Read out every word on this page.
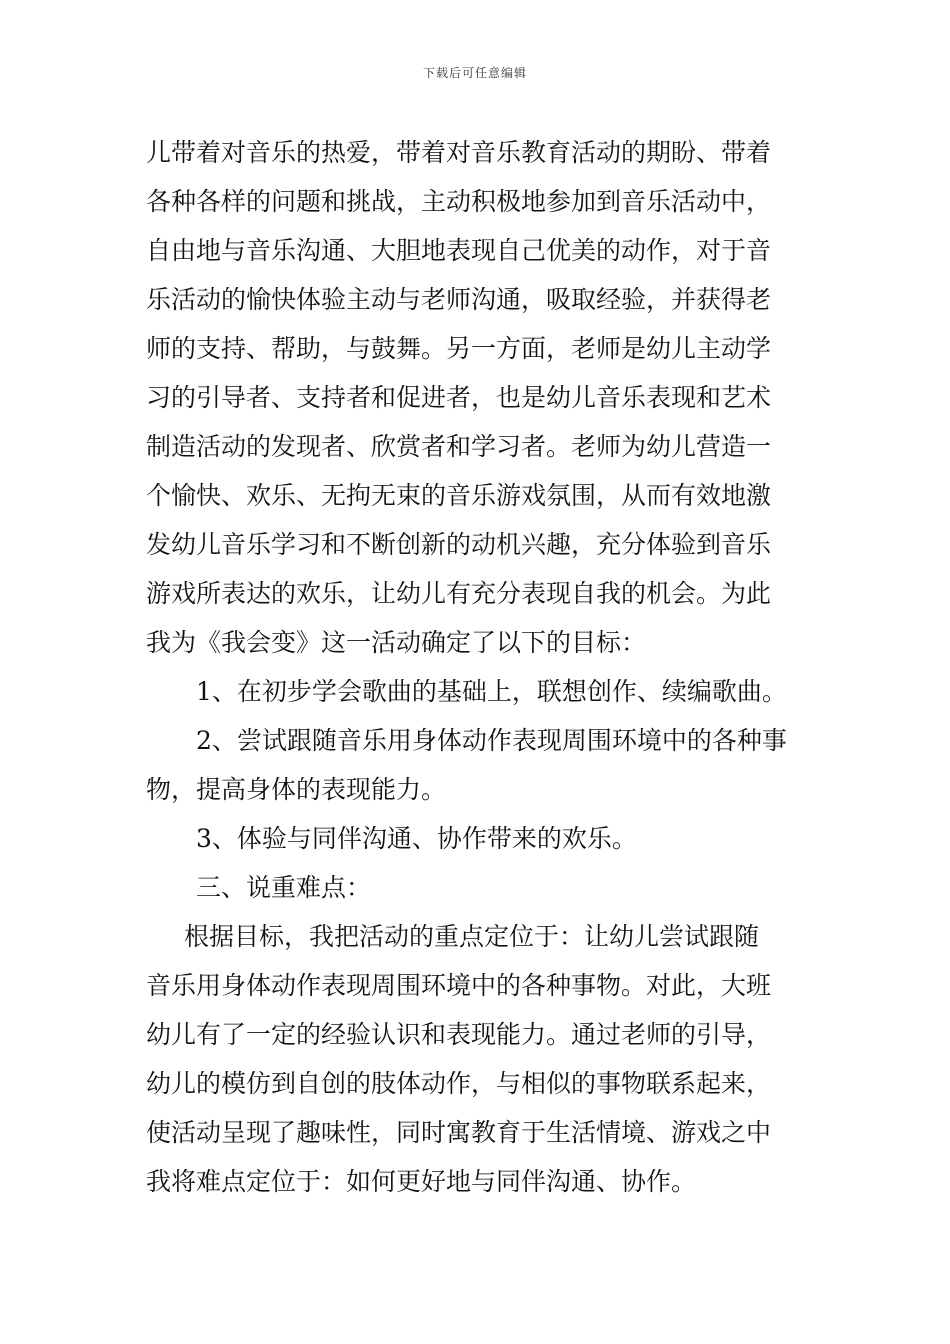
下载后可任意编辑
儿带着对音乐的热爱，带着对音乐教育活动的期盼、带着
各种各样的问题和挑战，主动积极地参加到音乐活动中，
自由地与音乐沟通、大胆地表现自己优美的动作，对于音
乐活动的愉快体验主动与老师沟通，吸取经验，并获得老
师的支持、帮助，与鼓舞。另一方面，老师是幼儿主动学
习的引导者、支持者和促进者，也是幼儿音乐表现和艺术
制造活动的发现者、欣赏者和学习者。老师为幼儿营造一
个愉快、欢乐、无拘无束的音乐游戏氛围，从而有效地激
发幼儿音乐学习和不断创新的动机兴趣，充分体验到音乐
游戏所表达的欢乐，让幼儿有充分表现自我的机会。为此
我为《我会变》这一活动确定了以下的目标：
1、在初步学会歌曲的基础上，联想创作、续编歌曲。
2、尝试跟随音乐用身体动作表现周围环境中的各种事
物，提高身体的表现能力。
3、体验与同伴沟通、协作带来的欢乐。
三、说重难点：
根据目标，我把活动的重点定位于：让幼儿尝试跟随
音乐用身体动作表现周围环境中的各种事物。对此，大班
幼儿有了一定的经验认识和表现能力。通过老师的引导，
幼儿的模仿到自创的肢体动作，与相似的事物联系起来，
使活动呈现了趣味性，同时寓教育于生活情境、游戏之中
我将难点定位于：如何更好地与同伴沟通、协作。
